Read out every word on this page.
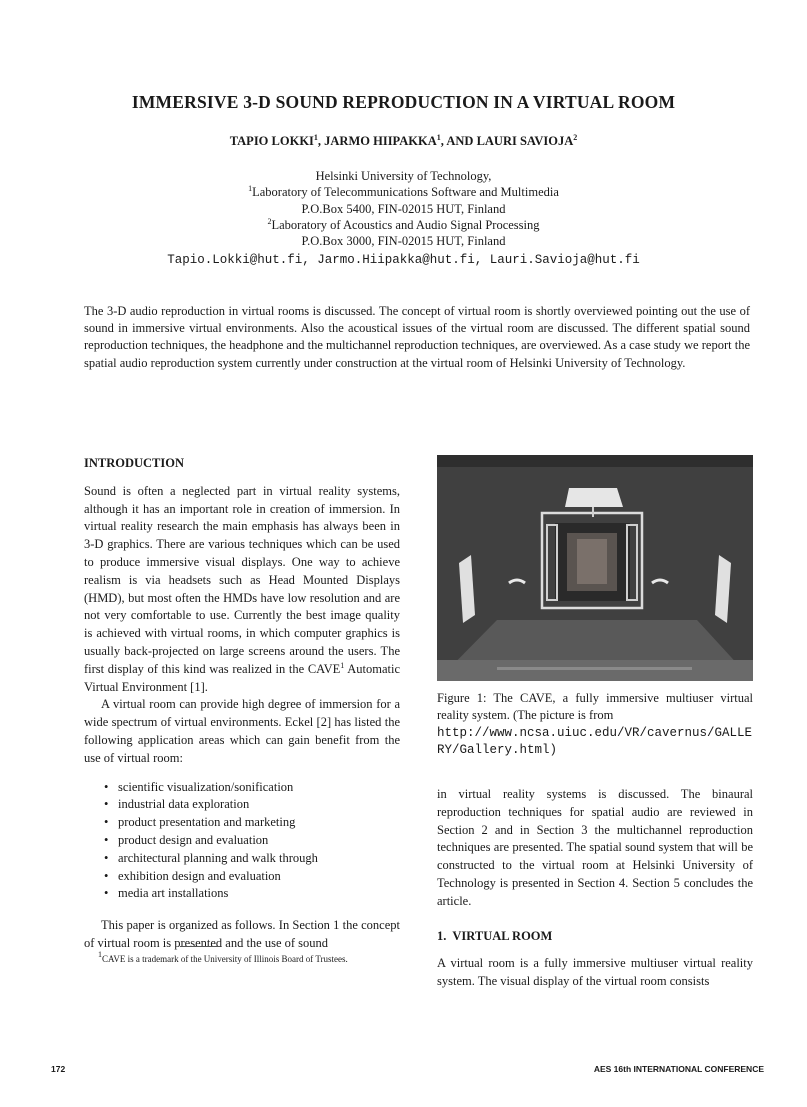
IMMERSIVE 3-D SOUND REPRODUCTION IN A VIRTUAL ROOM
TAPIO LOKKI$^1$, JARMO HIIPAKKA$^1$, AND LAURI SAVIOJA$^2$
Helsinki University of Technology,
$^1$Laboratory of Telecommunications Software and Multimedia
P.O.Box 5400, FIN-02015 HUT, Finland
$^2$Laboratory of Acoustics and Audio Signal Processing
P.O.Box 3000, FIN-02015 HUT, Finland
Tapio.Lokki@hut.fi, Jarmo.Hiipakka@hut.fi, Lauri.Savioja@hut.fi
The 3-D audio reproduction in virtual rooms is discussed. The concept of virtual room is shortly overviewed pointing out the use of sound in immersive virtual environments. Also the acoustical issues of the virtual room are discussed. The different spatial sound reproduction techniques, the headphone and the multichannel reproduction techniques, are overviewed. As a case study we report the spatial audio reproduction system currently under construction at the virtual room of Helsinki University of Technology.
INTRODUCTION

Sound is often a neglected part in virtual reality systems, although it has an important role in creation of immersion. In virtual reality research the main emphasis has always been in 3-D graphics. There are various techniques which can be used to produce immersive visual displays. One way to achieve realism is via headsets such as Head Mounted Displays (HMD), but most often the HMDs have low resolution and are not very comfortable to use. Currently the best image quality is achieved with virtual rooms, in which computer graphics is usually back-projected on large screens around the users. The first display of this kind was realized in the CAVE$^1$ Automatic Virtual Environment [1].

A virtual room can provide high degree of immersion for a wide spectrum of virtual environments. Eckel [2] has listed the following application areas which can gain benefit from the use of virtual room:

• scientific visualization/sonification
• industrial data exploration
• product presentation and marketing
• product design and evaluation
• architectural planning and walk through
• exhibition design and evaluation
• media art installations

This paper is organized as follows. In Section 1 the concept of virtual room is presented and the use of sound

$^1$CAVE is a trademark of the University of Illinois Board of Trustees.
Figure 1: The CAVE, a fully immersive multiuser virtual reality system. (The picture is from
http://www.ncsa.uiuc.edu/VR/cavernus/GALLERY/Gallery.html)

in virtual reality systems is discussed. The binaural reproduction techniques for spatial audio are reviewed in Section 2 and in Section 3 the multichannel reproduction techniques are presented. The spatial sound system that will be constructed to the virtual room at Helsinki University of Technology is presented in Section 4. Section 5 concludes the article.

1.  VIRTUAL ROOM

A virtual room is a fully immersive multiuser virtual reality system. The visual display of the virtual room consists

172	AES 16th INTERNATIONAL CONFERENCE
